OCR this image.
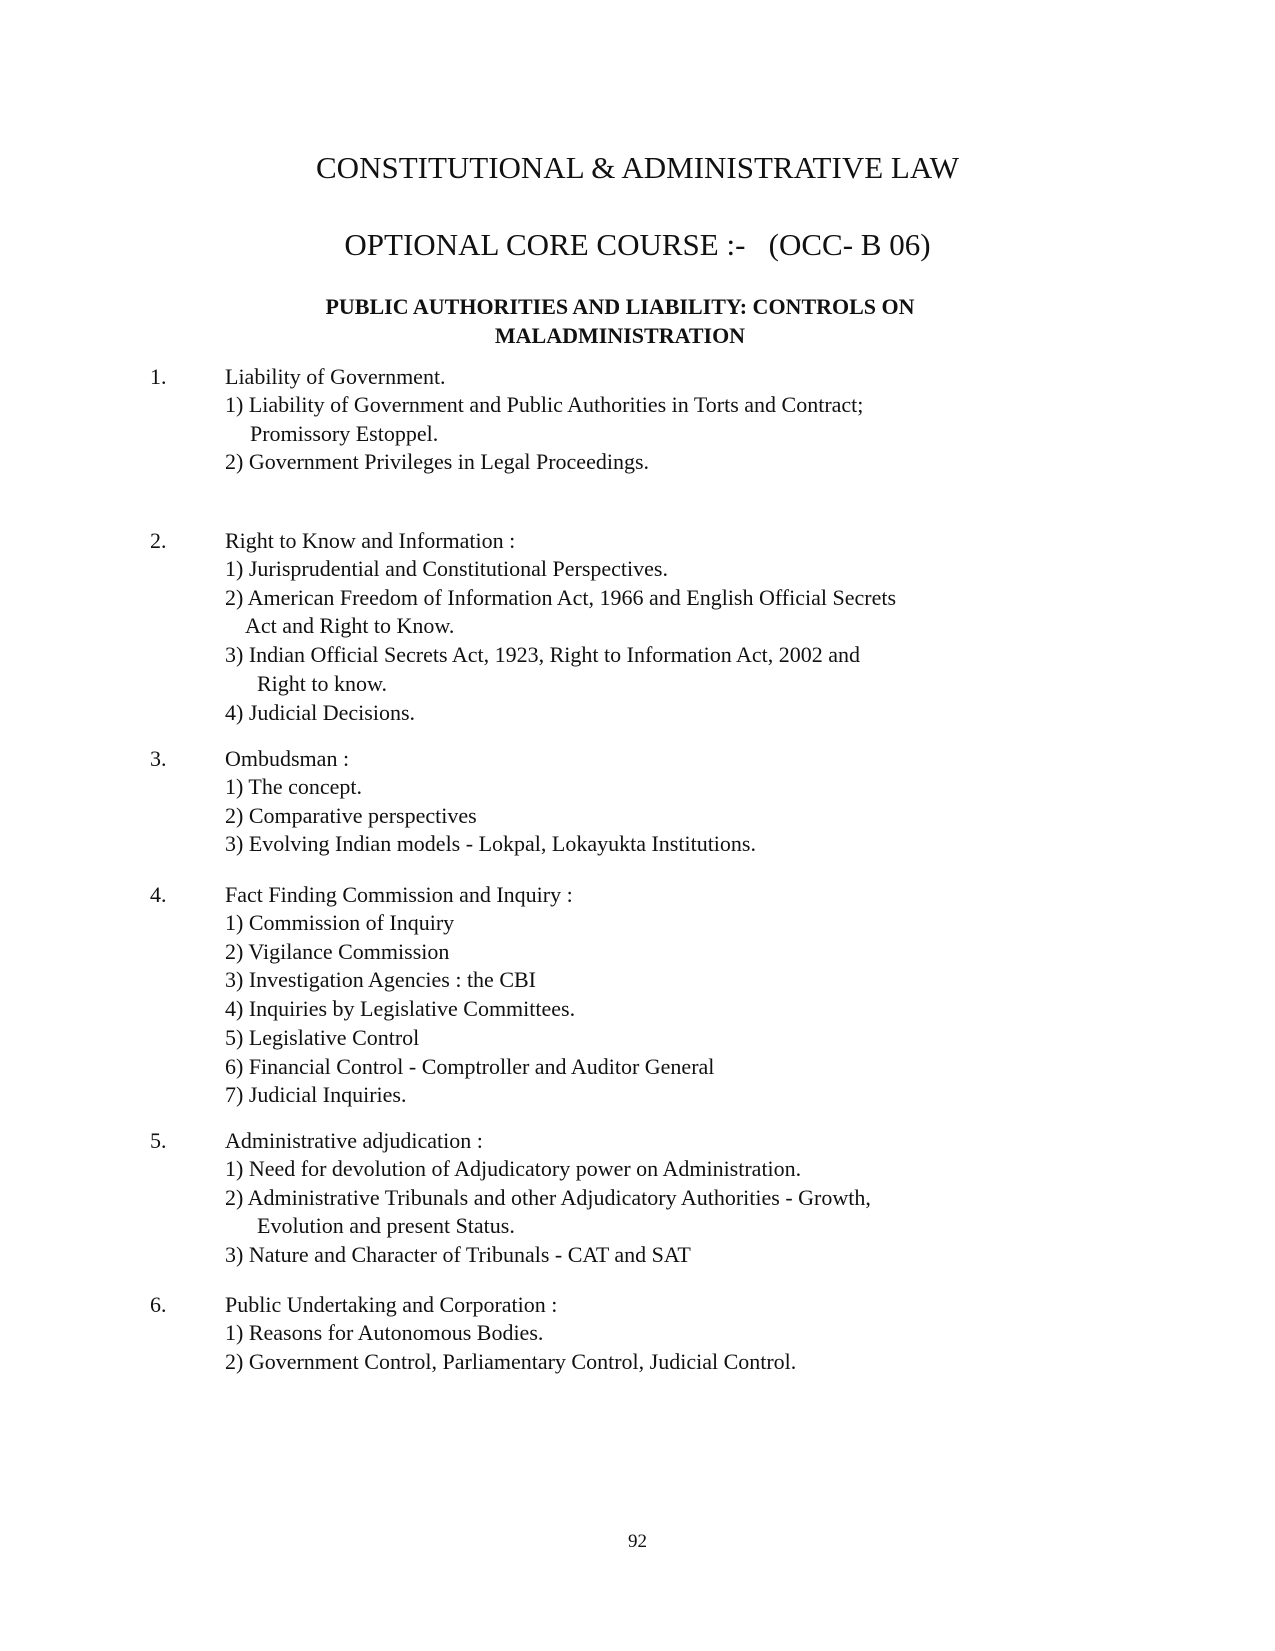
CONSTITUTIONAL & ADMINISTRATIVE LAW
OPTIONAL CORE COURSE :-   (OCC- B 06)
PUBLIC AUTHORITIES AND LIABILITY: CONTROLS ON
MALADMINISTRATION
1.	Liability of Government.
1) Liability of Government and Public Authorities in Torts and Contract;
Promissory Estoppel.
2) Government Privileges in Legal Proceedings.
2.	Right to Know and Information :
1) Jurisprudential and Constitutional Perspectives.
2) American Freedom of Information Act, 1966 and English Official Secrets
Act and Right to Know.
3) Indian Official Secrets Act, 1923, Right to Information Act, 2002 and
Right to know.
4) Judicial Decisions.
3.	Ombudsman :
1) The concept.
2) Comparative perspectives
3) Evolving Indian models - Lokpal, Lokayukta Institutions.
4.	Fact Finding Commission and Inquiry :
1) Commission of Inquiry
2) Vigilance Commission
3) Investigation Agencies : the CBI
4) Inquiries by Legislative Committees.
5) Legislative Control
6) Financial Control - Comptroller and Auditor General
7) Judicial Inquiries.
5.	Administrative adjudication :
1) Need for devolution of Adjudicatory power on Administration.
2) Administrative Tribunals and other Adjudicatory Authorities - Growth,
Evolution and present Status.
3) Nature and Character of Tribunals - CAT and SAT
6.	Public Undertaking and Corporation :
1) Reasons for Autonomous Bodies.
2) Government Control, Parliamentary Control, Judicial Control.
92
